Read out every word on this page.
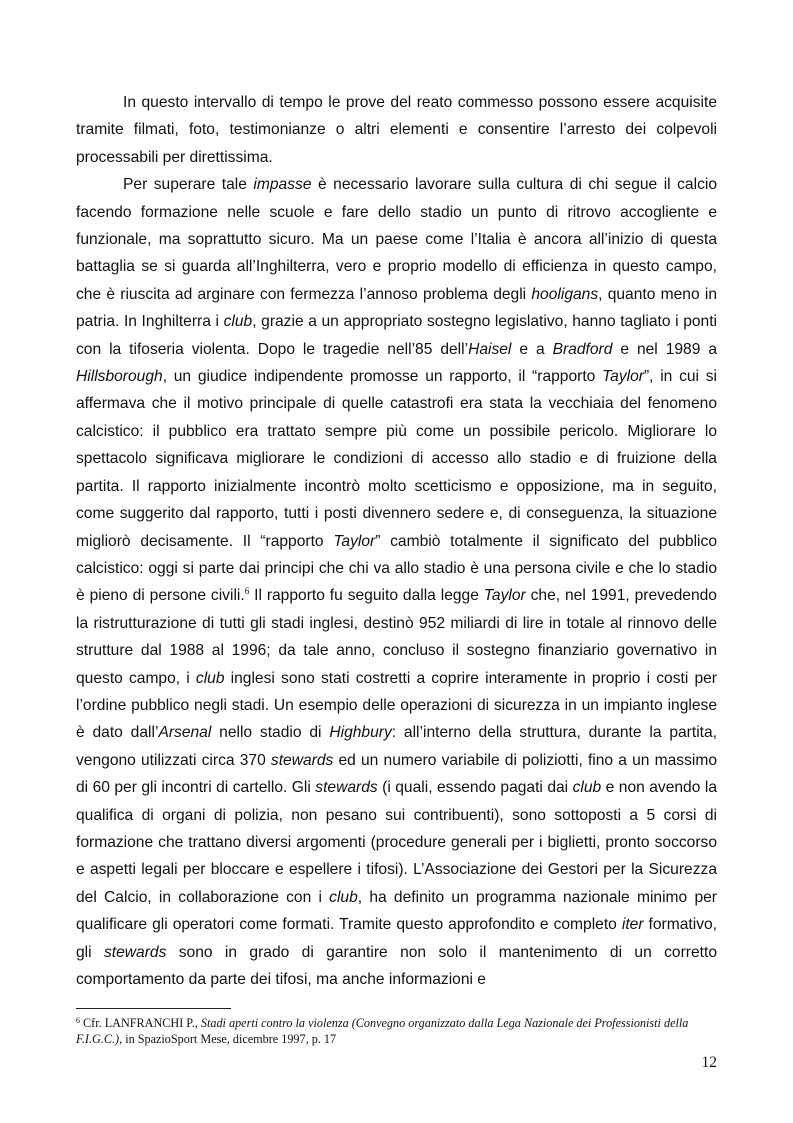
In questo intervallo di tempo le prove del reato commesso possono essere acquisite tramite filmati, foto, testimonianze o altri elementi e consentire l’arresto dei colpevoli processabili per direttissima.

Per superare tale impasse è necessario lavorare sulla cultura di chi segue il calcio facendo formazione nelle scuole e fare dello stadio un punto di ritrovo accogliente e funzionale, ma soprattutto sicuro. Ma un paese come l’Italia è ancora all’inizio di questa battaglia se si guarda all’Inghilterra, vero e proprio modello di efficienza in questo campo, che è riuscita ad arginare con fermezza l’annoso problema degli hooligans, quanto meno in patria. In Inghilterra i club, grazie a un appropriato sostegno legislativo, hanno tagliato i ponti con la tifoseria violenta. Dopo le tragedie nell’85 dell’Haisel e a Bradford e nel 1989 a Hillsborough, un giudice indipendente promosse un rapporto, il “rapporto Taylor”, in cui si affermava che il motivo principale di quelle catastrofi era stata la vecchiaia del fenomeno calcistico: il pubblico era trattato sempre più come un possibile pericolo. Migliorare lo spettacolo significava migliorare le condizioni di accesso allo stadio e di fruizione della partita. Il rapporto inizialmente incontrò molto scetticismo e opposizione, ma in seguito, come suggerito dal rapporto, tutti i posti divennero sedere e, di conseguenza, la situazione migliorò decisamente. Il “rapporto Taylor” cambiò totalmente il significato del pubblico calcistico: oggi si parte dai principi che chi va allo stadio è una persona civile e che lo stadio è pieno di persone civili.$^6$ Il rapporto fu seguito dalla legge Taylor che, nel 1991, prevedendo la ristrutturazione di tutti gli stadi inglesi, destinò 952 miliardi di lire in totale al rinnovo delle strutture dal 1988 al 1996; da tale anno, concluso il sostegno finanziario governativo in questo campo, i club inglesi sono stati costretti a coprire interamente in proprio i costi per l’ordine pubblico negli stadi. Un esempio delle operazioni di sicurezza in un impianto inglese è dato dall’Arsenal nello stadio di Highbury: all’interno della struttura, durante la partita, vengono utilizzati circa 370 stewards ed un numero variabile di poliziotti, fino a un massimo di 60 per gli incontri di cartello. Gli stewards (i quali, essendo pagati dai club e non avendo la qualifica di organi di polizia, non pesano sui contribuenti), sono sottoposti a 5 corsi di formazione che trattano diversi argomenti (procedure generali per i biglietti, pronto soccorso e aspetti legali per bloccare e espellere i tifosi). L’Associazione dei Gestori per la Sicurezza del Calcio, in collaborazione con i club, ha definito un programma nazionale minimo per qualificare gli operatori come formati. Tramite questo approfondito e completo iter formativo, gli stewards sono in grado di garantire non solo il mantenimento di un corretto comportamento da parte dei tifosi, ma anche informazioni e

$^6$ Cfr. LANFRANCHI P., Stadi aperti contro la violenza (Convegno organizzato dalla Lega Nazionale dei Professionisti della F.I.G.C.), in SpazioSport Mese, dicembre 1997, p. 17

12
